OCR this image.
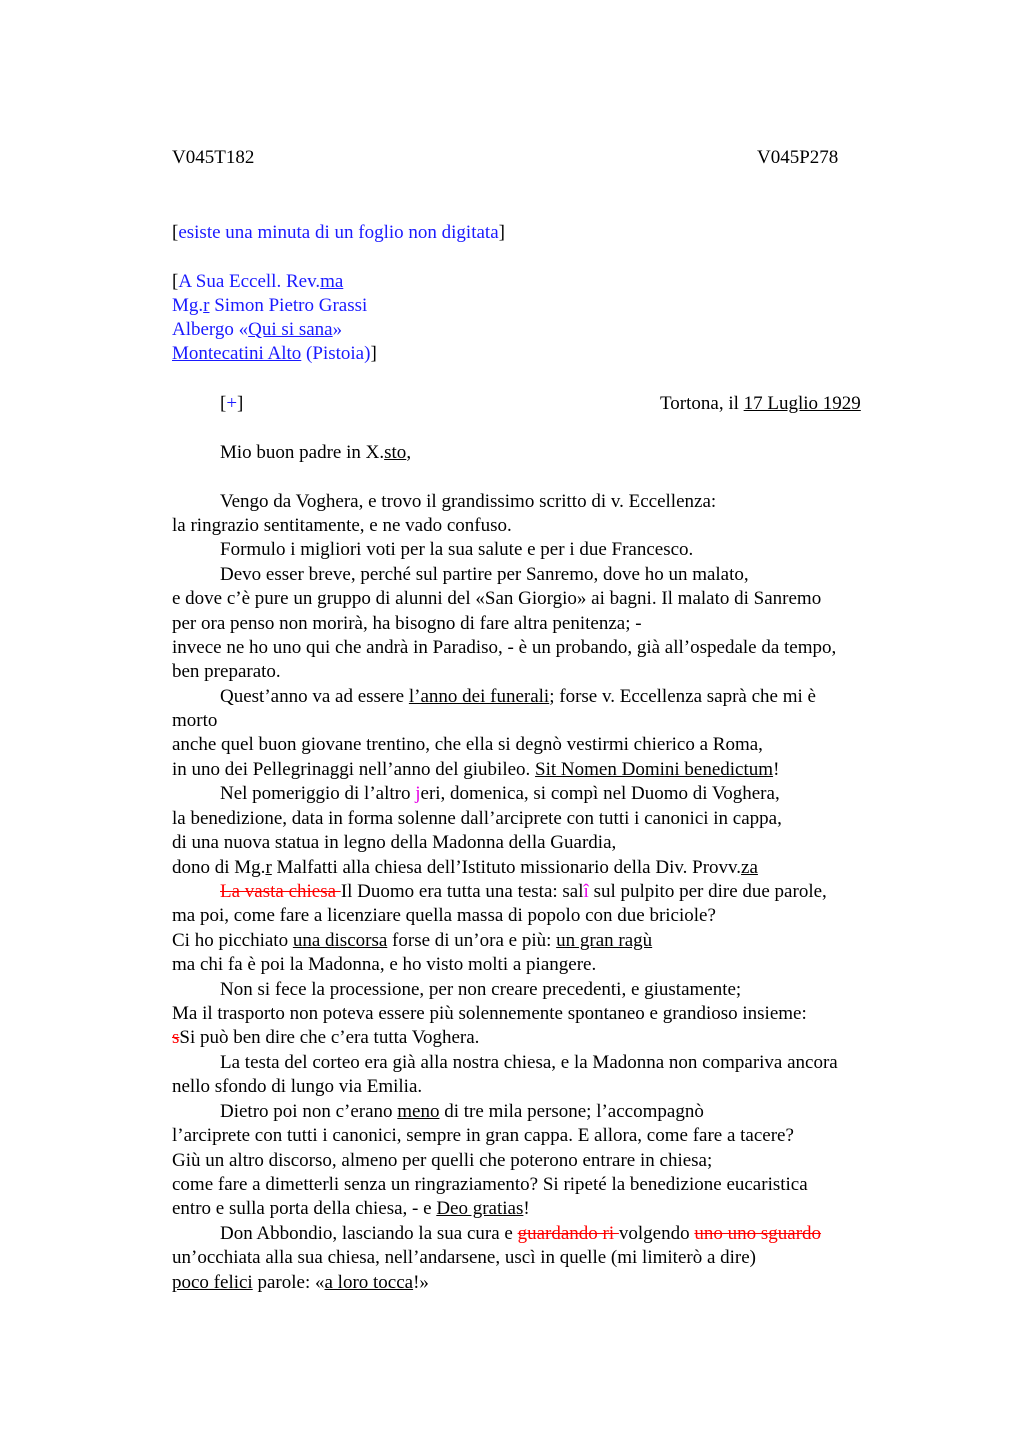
V045T182	V045P278
[esiste una minuta di un foglio non digitata]
[A Sua Eccell. Rev.ma
Mg.r Simon Pietro Grassi
Albergo «Qui si sana»
Montecatini Alto (Pistoia)]
[+]	Tortona, il 17 Luglio 1929
Mio buon padre in X.sto,
Vengo da Voghera, e trovo il grandissimo scritto di v. Eccellenza:
la ringrazio sentitamente, e ne vado confuso.
Formulo i migliori voti per la sua salute e per i due Francesco.
Devo esser breve, perché sul partire per Sanremo, dove ho un malato,
e dove c’è pure un gruppo di alunni del «San Giorgio» ai bagni. Il malato di Sanremo
per ora penso non morirà, ha bisogno di fare altra penitenza; -
invece ne ho uno qui che andrà in Paradiso, - è un probando, già all’ospedale da tempo,
ben preparato.
Quest’anno va ad essere l’anno dei funerali; forse v. Eccellenza saprà che mi è
morto
anche quel buon giovane trentino, che ella si degnò vestirmi chierico a Roma,
in uno dei Pellegrinaggi nell’anno del giubileo. Sit Nomen Domini benedictum!
Nel pomeriggio di l’altro jeri, domenica, si compì nel Duomo di Voghera,
la benedizione, data in forma solenne dall’arciprete con tutti i canonici in cappa,
di una nuova statua in legno della Madonna della Guardia,
dono di Mg.r Malfatti alla chiesa dell’Istituto missionario della Div. Provv.za
La vasta chiesa Il Duomo era tutta una testa: salî sul pulpito per dire due parole,
ma poi, come fare a licenziare quella massa di popolo con due briciole?
Ci ho picchiato una discorsa forse di un’ora e più: un gran ragù
ma chi fa è poi la Madonna, e ho visto molti a piangere.
Non si fece la processione, per non creare precedenti, e giustamente;
Ma il trasporto non poteva essere più solennemente spontaneo e grandioso insieme:
sSi può ben dire che c’era tutta Voghera.
La testa del corteo era già alla nostra chiesa, e la Madonna non compariva ancora
nello sfondo di lungo via Emilia.
Dietro poi non c’erano meno di tre mila persone; l’accompagnò
l’arciprete con tutti i canonici, sempre in gran cappa. E allora, come fare a tacere?
Giù un altro discorso, almeno per quelli che poterono entrare in chiesa;
come fare a dimetterli senza un ringraziamento? Si ripeté la benedizione eucaristica
entro e sulla porta della chiesa, - e Deo gratias!
Don Abbondio, lasciando la sua cura e guardando ri volgendo uno uno sguardo
un’occhiata alla sua chiesa, nell’andarsene, uscì in quelle (mi limiterò a dire)
poco felici parole: «a loro tocca!»
